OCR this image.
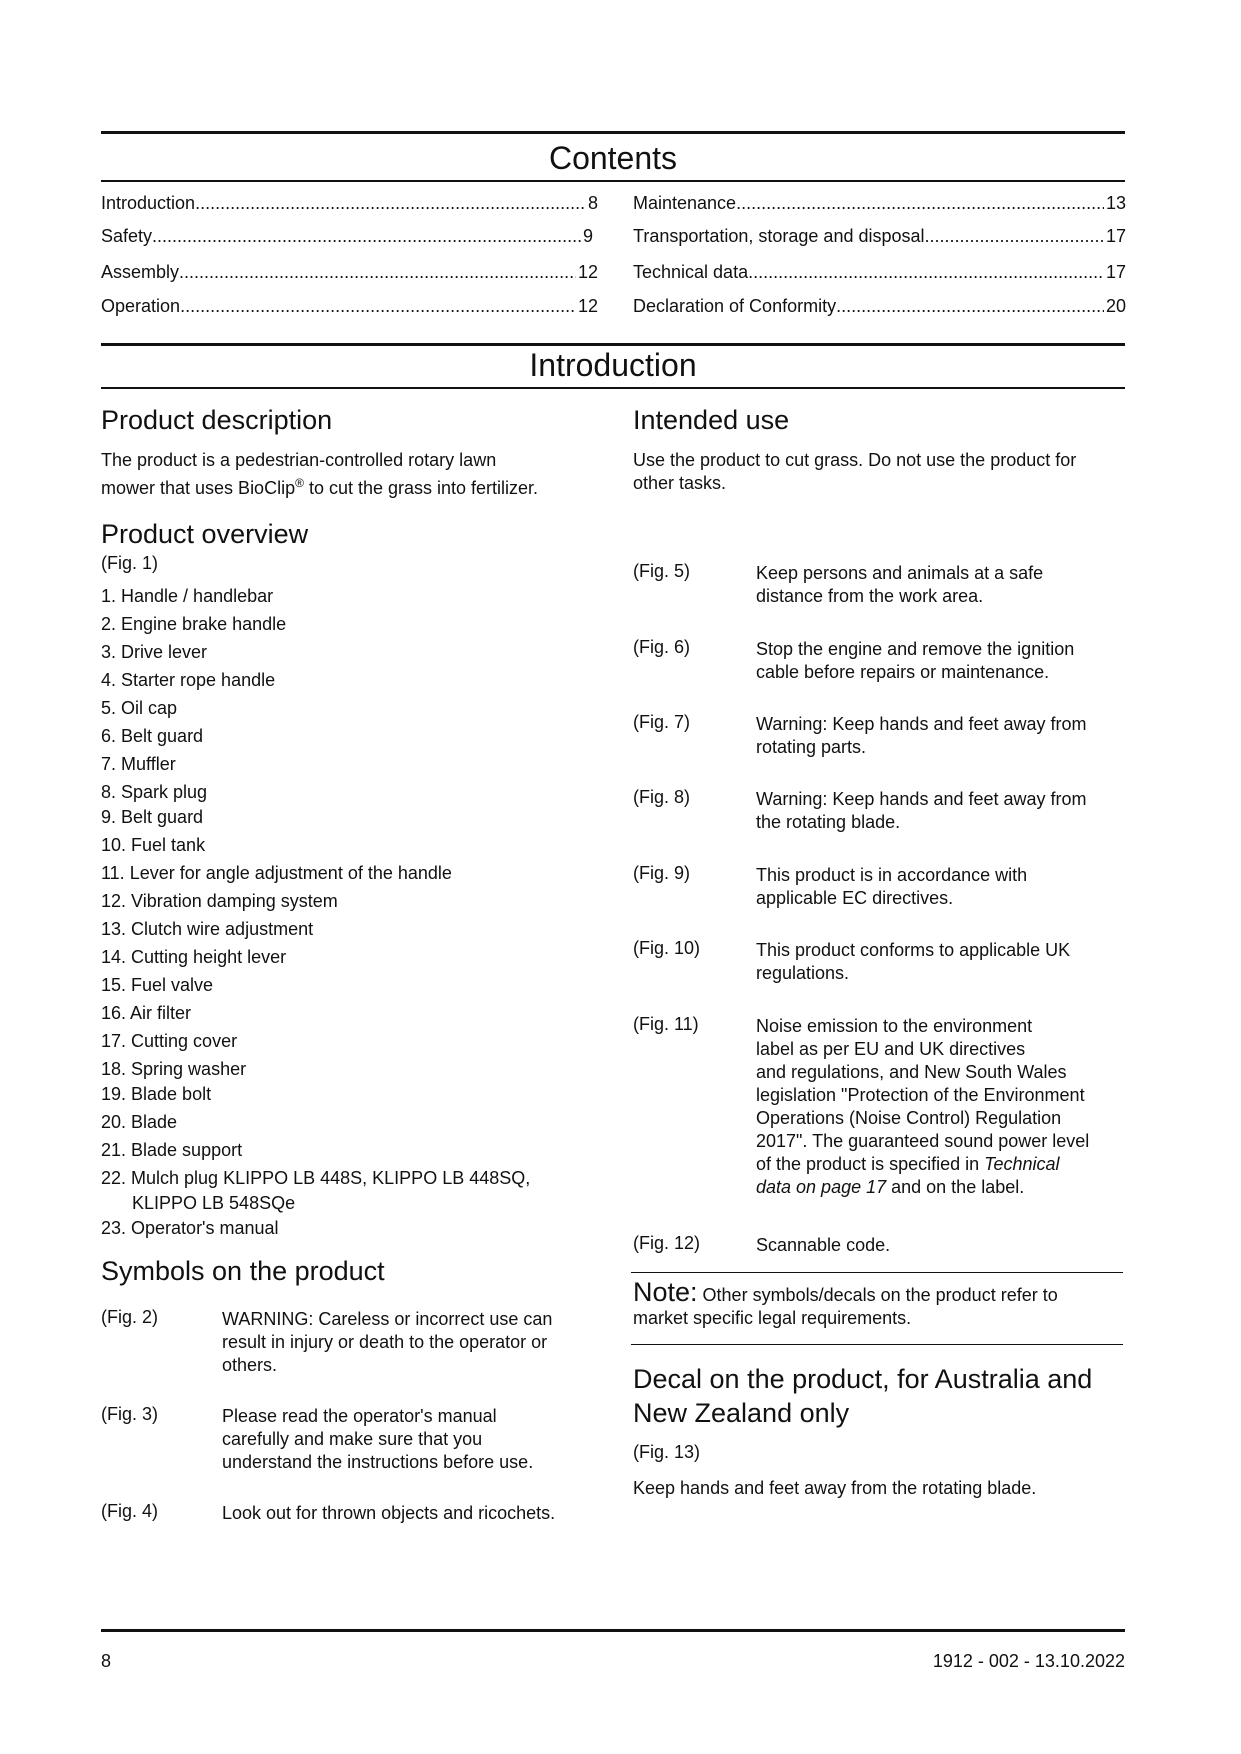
Contents
Introduction .....	8
Safety .....	9
Assembly .....	12
Operation .....	12
Maintenance .....	13
Transportation, storage and disposal .....	17
Technical data .....	17
Declaration of Conformity .....	20
Introduction
Product description
The product is a pedestrian-controlled rotary lawn
mower that uses BioClip® to cut the grass into fertilizer.
Product overview
(Fig. 1)
1. Handle / handlebar
2. Engine brake handle
3. Drive lever
4. Starter rope handle
5. Oil cap
6. Belt guard
7. Muffler
8. Spark plug
9. Belt guard
10. Fuel tank
11. Lever for angle adjustment of the handle
12. Vibration damping system
13. Clutch wire adjustment
14. Cutting height lever
15. Fuel valve
16. Air filter
17. Cutting cover
18. Spring washer
19. Blade bolt
20. Blade
21. Blade support
22. Mulch plug KLIPPO LB 448S, KLIPPO LB 448SQ,
KLIPPO LB 548SQe
23. Operator's manual
Symbols on the product
(Fig. 2)	WARNING: Careless or incorrect use can
result in injury or death to the operator or
others.
(Fig. 3)	Please read the operator's manual
carefully and make sure that you
understand the instructions before use.
(Fig. 4)	Look out for thrown objects and ricochets.
Intended use
Use the product to cut grass. Do not use the product for
other tasks.
(Fig. 5)	Keep persons and animals at a safe
distance from the work area.
(Fig. 6)	Stop the engine and remove the ignition
cable before repairs or maintenance.
(Fig. 7)	Warning: Keep hands and feet away from
rotating parts.
(Fig. 8)	Warning: Keep hands and feet away from
the rotating blade.
(Fig. 9)	This product is in accordance with
applicable EC directives.
(Fig. 10)	This product conforms to applicable UK
regulations.
(Fig. 11)	Noise emission to the environment
label as per EU and UK directives
and regulations, and New South Wales
legislation "Protection of the Environment
Operations (Noise Control) Regulation
2017". The guaranteed sound power level
of the product is specified in Technical
data on page 17 and on the label.
(Fig. 12)	Scannable code.
Note: Other symbols/decals on the product refer to
market specific legal requirements.
Decal on the product, for Australia and
New Zealand only
(Fig. 13)
Keep hands and feet away from the rotating blade.
8	1912 - 002 - 13.10.2022
